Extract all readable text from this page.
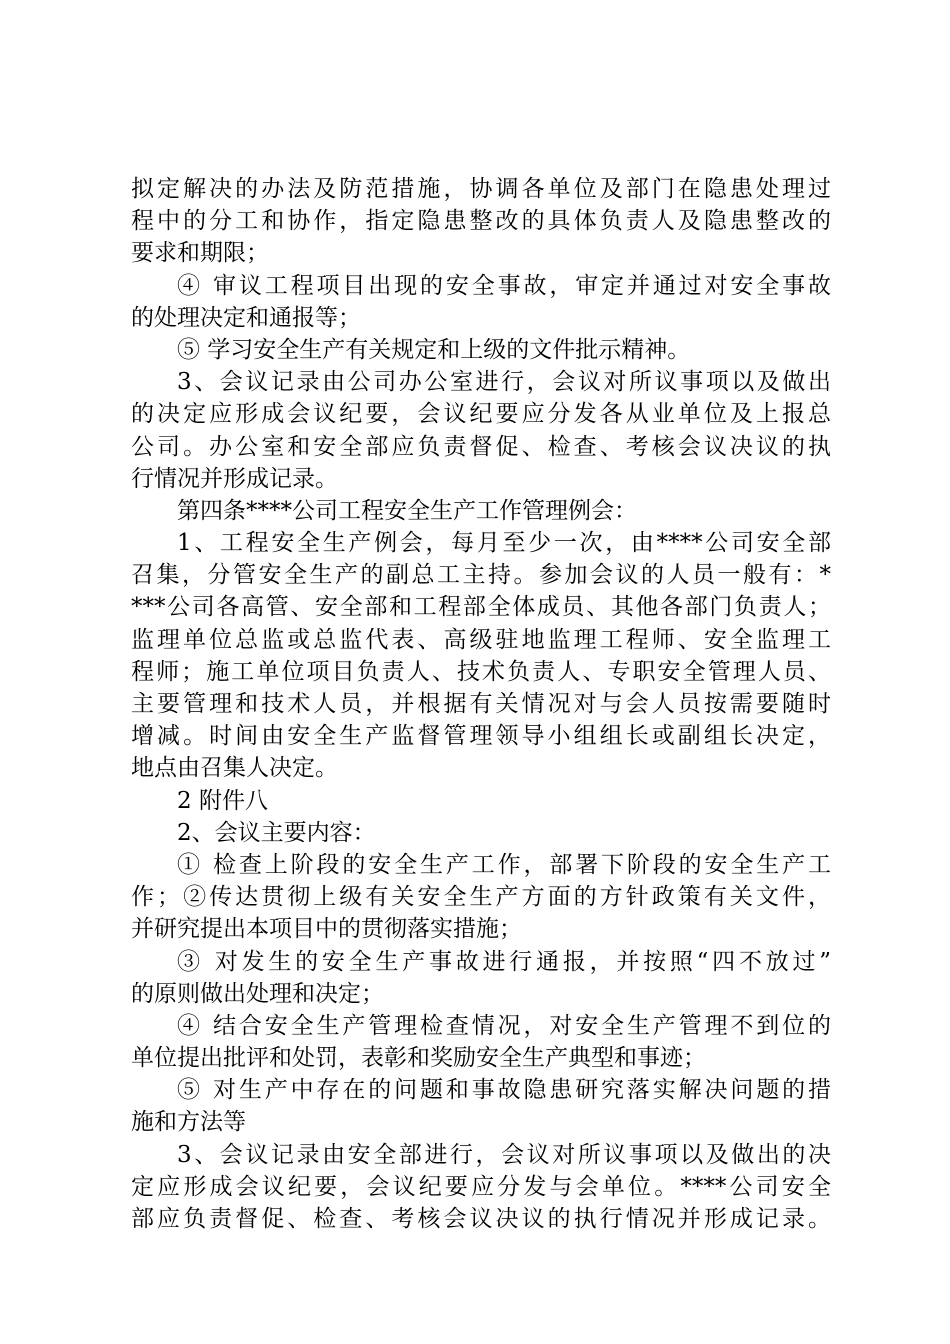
拟定解决的办法及防范措施，协调各单位及部门在隐患处理过
程中的分工和协作，指定隐患整改的具体负责人及隐患整改的
要求和期限；
④ 审议工程项目出现的安全事故，审定并通过对安全事故
的处理决定和通报等；
⑤ 学习安全生产有关规定和上级的文件批示精神。
3、会议记录由公司办公室进行，会议对所议事项以及做出
的决定应形成会议纪要，会议纪要应分发各从业单位及上报总
公司。办公室和安全部应负责督促、检查、考核会议决议的执
行情况并形成记录。
第四条****公司工程安全生产工作管理例会：
1、工程安全生产例会，每月至少一次，由****公司安全部
召集，分管安全生产的副总工主持。参加会议的人员一般有：*
***公司各高管、安全部和工程部全体成员、其他各部门负责人；
监理单位总监或总监代表、高级驻地监理工程师、安全监理工
程师；施工单位项目负责人、技术负责人、专职安全管理人员、
主要管理和技术人员，并根据有关情况对与会人员按需要随时
增减。时间由安全生产监督管理领导小组组长或副组长决定，
地点由召集人决定。
2 附件八
2、会议主要内容：
① 检查上阶段的安全生产工作，部署下阶段的安全生产工
作；②传达贯彻上级有关安全生产方面的方针政策有关文件，
并研究提出本项目中的贯彻落实措施；
③ 对发生的安全生产事故进行通报，并按照“四不放过”
的原则做出处理和决定；
④ 结合安全生产管理检查情况，对安全生产管理不到位的
单位提出批评和处罚，表彰和奖励安全生产典型和事迹；
⑤ 对生产中存在的问题和事故隐患研究落实解决问题的措
施和方法等
3、会议记录由安全部进行，会议对所议事项以及做出的决
定应形成会议纪要，会议纪要应分发与会单位。****公司安全
部应负责督促、检查、考核会议决议的执行情况并形成记录。
